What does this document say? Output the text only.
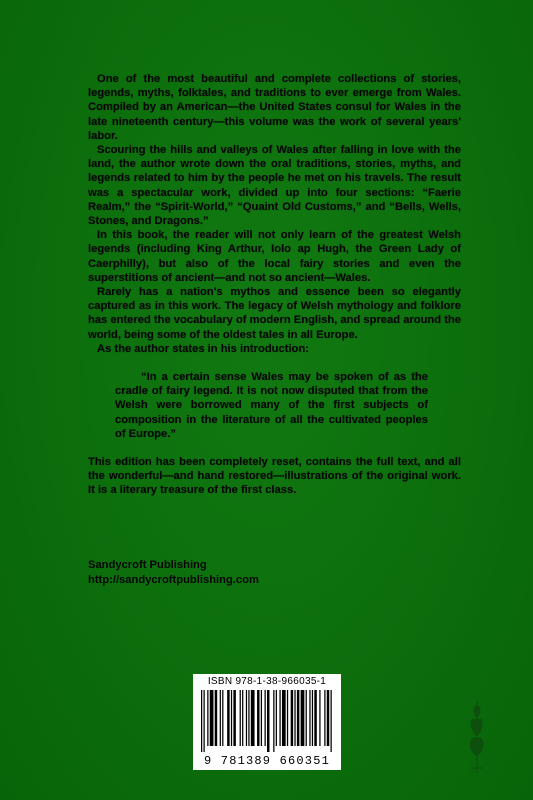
One of the most beautiful and complete collections of stories, legends, myths, folktales, and traditions to ever emerge from Wales. Compiled by an American—the United States consul for Wales in the late nineteenth century—this volume was the work of several years' labor.

Scouring the hills and valleys of Wales after falling in love with the land, the author wrote down the oral traditions, stories, myths, and legends related to him by the people he met on his travels. The result was a spectacular work, divided up into four sections: “Faerie Realm,” the “Spirit-World,” “Quaint Old Customs,” and “Bells, Wells, Stones, and Dragons.”

In this book, the reader will not only learn of the greatest Welsh legends (including King Arthur, Iolo ap Hugh, the Green Lady of Caerphilly), but also of the local fairy stories and even the superstitions of ancient—and not so ancient—Wales.

Rarely has a nation's mythos and essence been so elegantly captured as in this work. The legacy of Welsh mythology and folklore has entered the vocabulary of modern English, and spread around the world, being some of the oldest tales in all Europe.

As the author states in his introduction:

“In a certain sense Wales may be spoken of as the cradle of fairy legend. It is not now disputed that from the Welsh were borrowed many of the first subjects of composition in the literature of all the cultivated peoples of Europe.”

This edition has been completely reset, contains the full text, and all the wonderful—and hand restored—illustrations of the original work. It is a literary treasure of the first class.

Sandycroft Publishing
http://sandycroftpublishing.com
ISBN 978-1-38-966035-1
9 781389 660351
